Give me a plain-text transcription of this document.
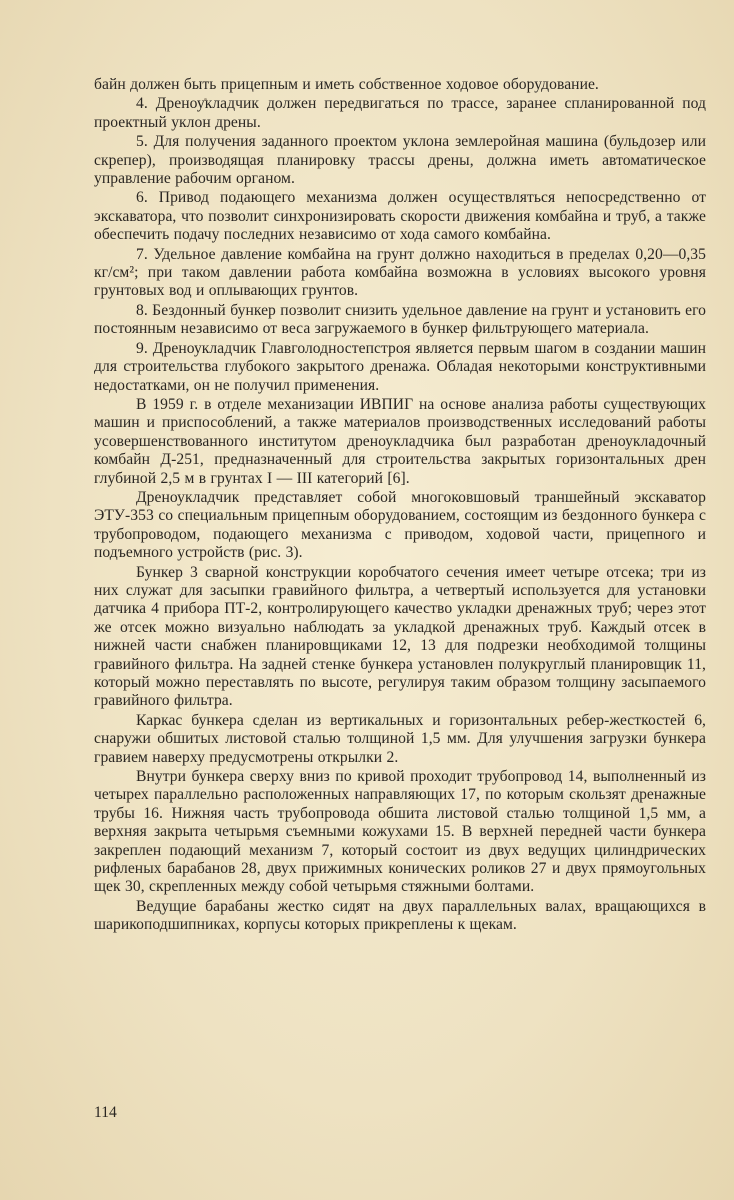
байн должен быть прицепным и иметь собственное ходовое оборудование.

4. Дреноукладчик должен передвигаться по трассе, заранее спланированной под проектный уклон дрены.

5. Для получения заданного проектом уклона землеройная машина (бульдозер или скрепер), производящая планировку трассы дрены, должна иметь автоматическое управление рабочим органом.

6. Привод подающего механизма должен осуществляться непосредственно от экскаватора, что позволит синхронизировать скорости движения комбайна и труб, а также обеспечить подачу последних независимо от хода самого комбайна.

7. Удельное давление комбайна на грунт должно находиться в пределах 0,20—0,35 кг/см²; при таком давлении работа комбайна возможна в условиях высокого уровня грунтовых вод и оплывающих грунтов.

8. Бездонный бункер позволит снизить удельное давление на грунт и установить его постоянным независимо от веса загружаемого в бункер фильтрующего материала.

9. Дреноукладчик Главголодностепстроя является первым шагом в создании машин для строительства глубокого закрытого дренажа. Обладая некоторыми конструктивными недостатками, он не получил применения.

В 1959 г. в отделе механизации ИВПИГ на основе анализа работы существующих машин и приспособлений, а также материалов производственных исследований работы усовершенствованного институтом дреноукладчика был разработан дреноукладочный комбайн Д-251, предназначенный для строительства закрытых горизонтальных дрен глубиной 2,5 м в грунтах I — III категорий [6].

Дреноукладчик представляет собой многоковшовый траншейный экскаватор ЭТУ-353 со специальным прицепным оборудованием, состоящим из бездонного бункера с трубопроводом, подающего механизма с приводом, ходовой части, прицепного и подъемного устройств (рис. 3).

Бункер 3 сварной конструкции коробчатого сечения имеет четыре отсека; три из них служат для засыпки гравийного фильтра, а четвертый используется для установки датчика 4 прибора ПТ-2, контролирующего качество укладки дренажных труб; через этот же отсек можно визуально наблюдать за укладкой дренажных труб. Каждый отсек в нижней части снабжен планировщиками 12, 13 для подрезки необходимой толщины гравийного фильтра. На задней стенке бункера установлен полукруглый планировщик 11, который можно переставлять по высоте, регулируя таким образом толщину засыпаемого гравийного фильтра.

Каркас бункера сделан из вертикальных и горизонтальных ребер-жесткостей 6, снаружи обшитых листовой сталью толщиной 1,5 мм. Для улучшения загрузки бункера гравием наверху предусмотрены открылки 2.

Внутри бункера сверху вниз по кривой проходит трубопровод 14, выполненный из четырех параллельно расположенных направляющих 17, по которым скользят дренажные трубы 16. Нижняя часть трубопровода обшита листовой сталью толщиной 1,5 мм, а верхняя закрыта четырьмя съемными кожухами 15. В верхней передней части бункера закреплен подающий механизм 7, который состоит из двух ведущих цилиндрических рифленых барабанов 28, двух прижимных конических роликов 27 и двух прямоугольных щек 30, скрепленных между собой четырьмя стяжными болтами.

Ведущие барабаны жестко сидят на двух параллельных валах, вращающихся в шарикоподшипниках, корпусы которых прикреплены к щекам.

114
